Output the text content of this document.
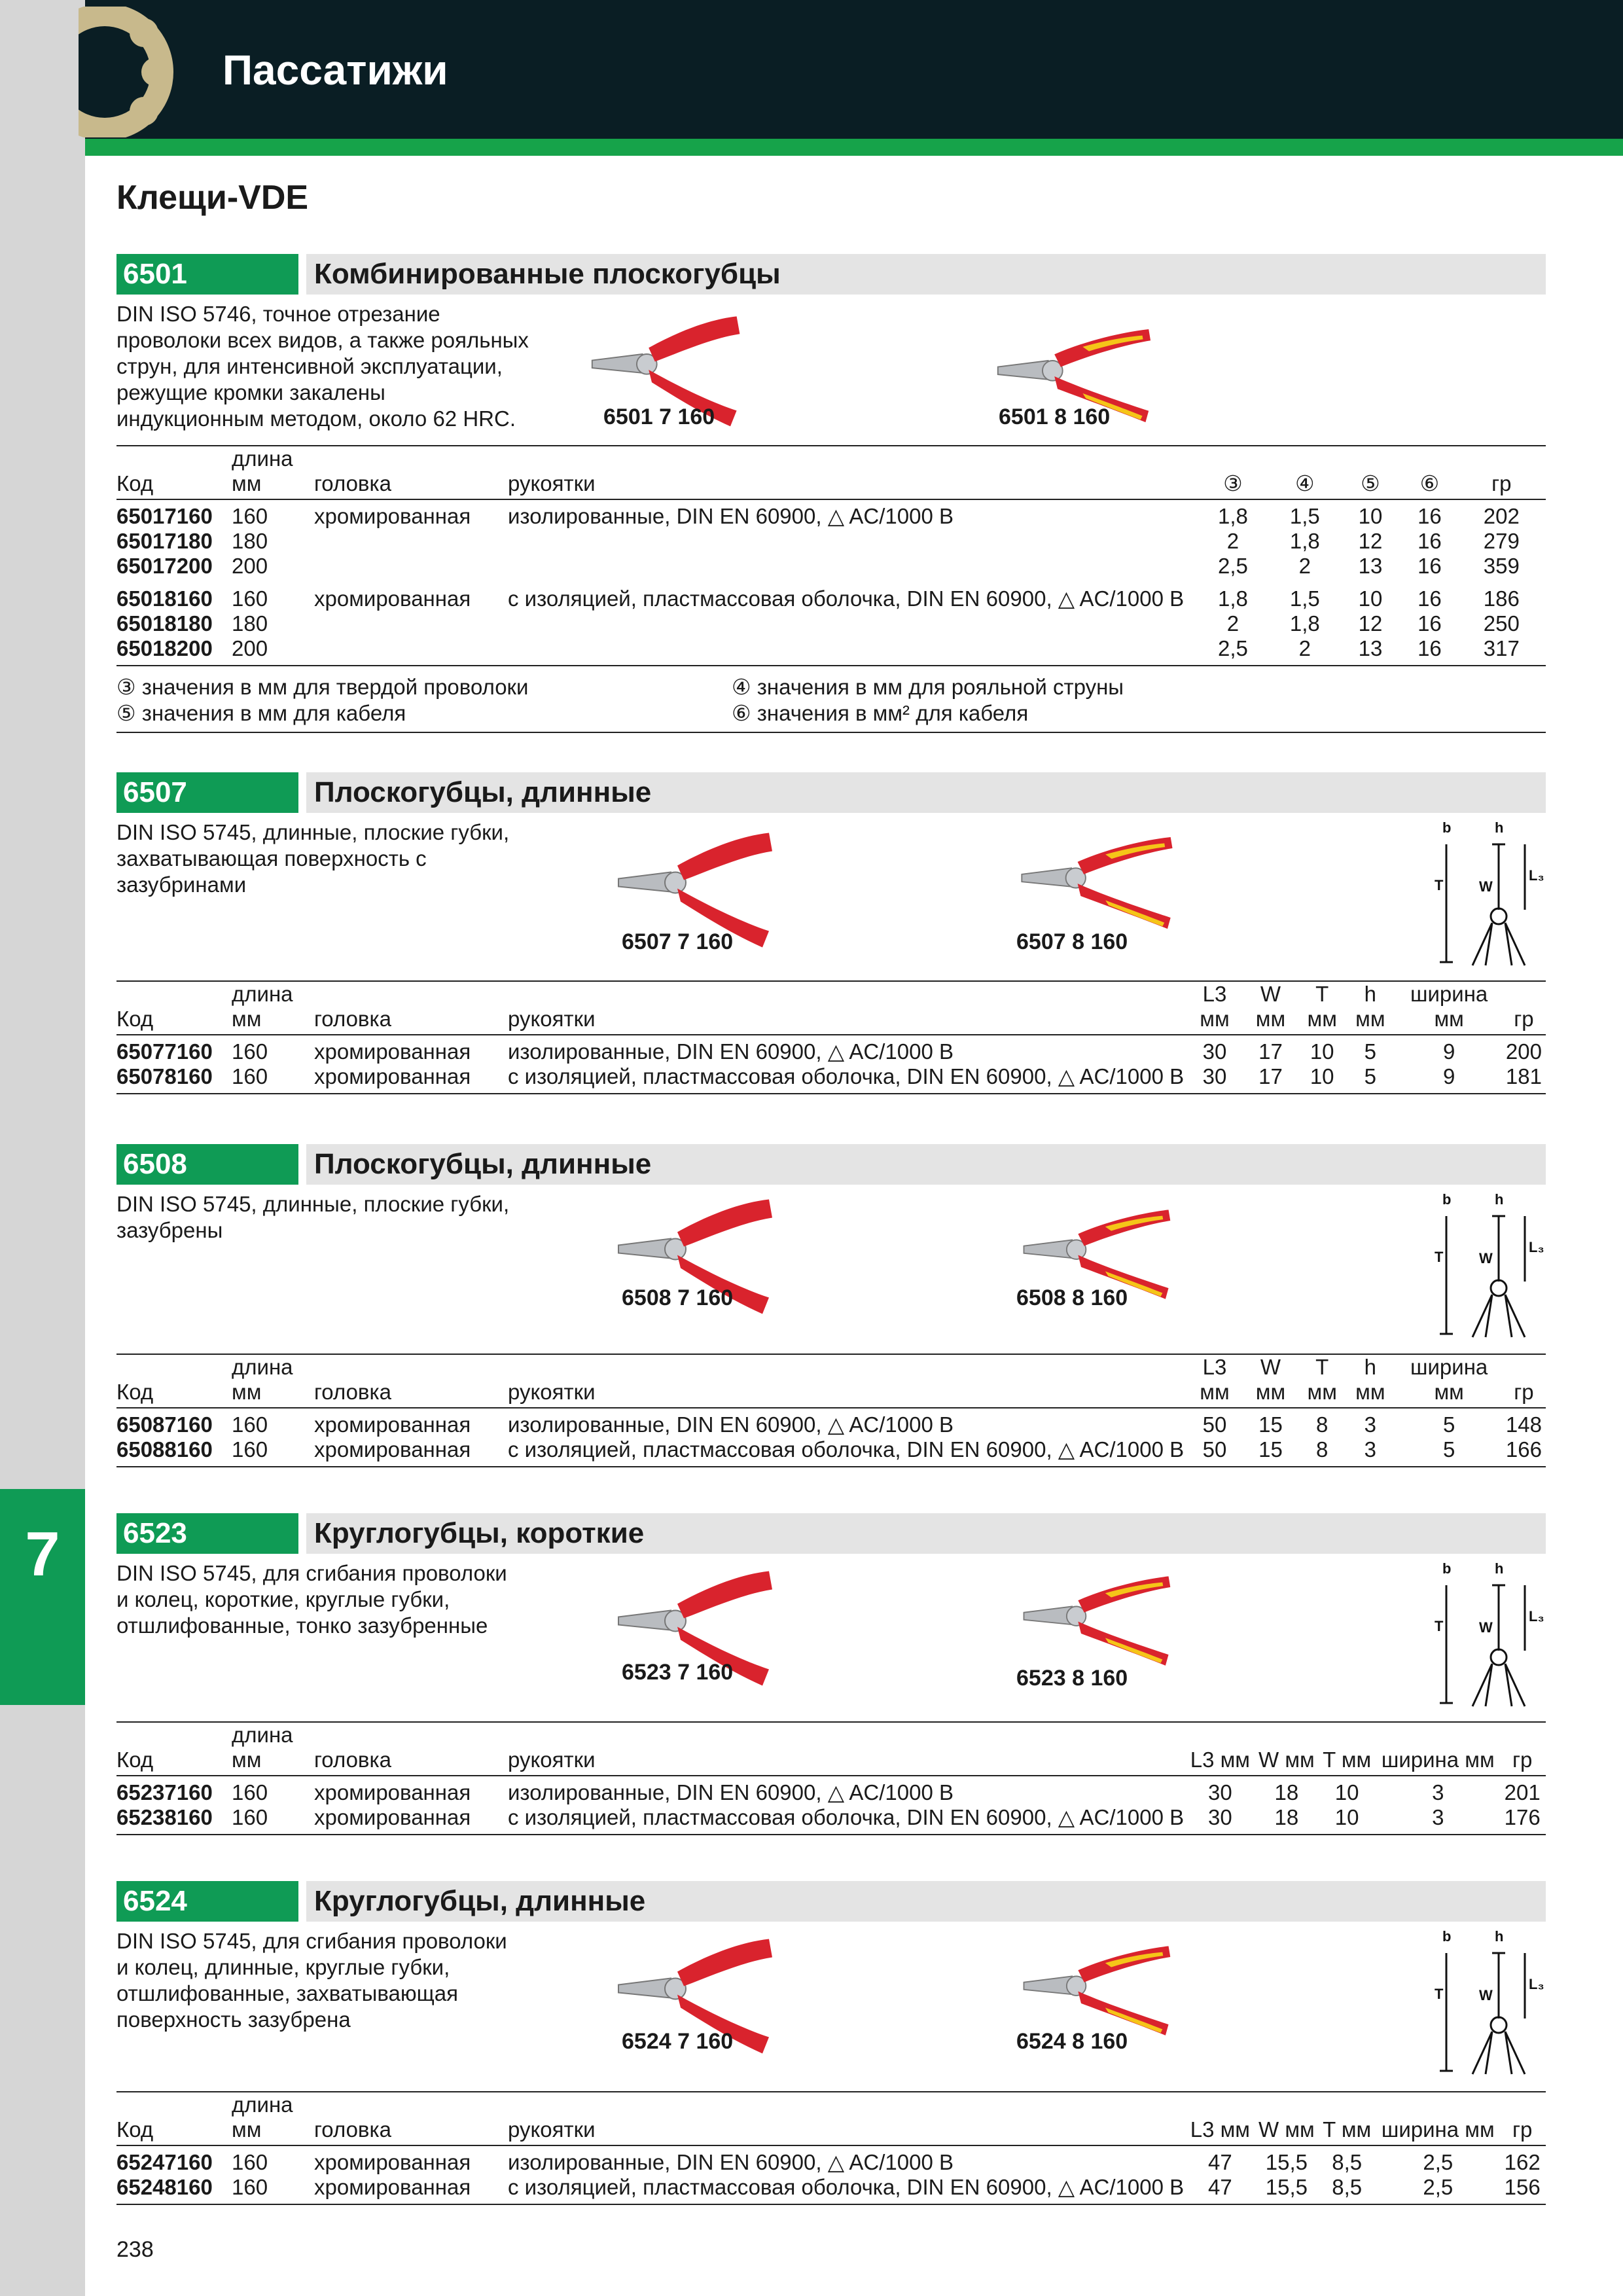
Пассатижи
Клещи-VDE
7
238
6501	Комбинированные плоскогубцы
DIN ISO 5746, точное отрезание
проволоки всех видов, а также рояльных
струн, для интенсивной эксплуатации,
режущие кромки закалены
индукционным методом, около 62 HRC.
6507	Плоскогубцы, длинные
DIN ISO 5745, длинные, плоские губки,
захватывающая поверхность с зазубринами
6508	Плоскогубцы, длинные
DIN ISO 5745, длинные, плоские губки,
зазубрены
6523	Круглогубцы, короткие
DIN ISO 5745, для сгибания проволоки
и колец, короткие, круглые губки,
отшлифованные, тонко зазубренные
6524	Круглогубцы, длинные
DIN ISO 5745, для сгибания проволоки
и колец, длинные, круглые губки,
отшлифованные, захватывающая
поверхность зазубрена
6501 7 160	6501 8 160
Код	длина мм	головка	рукоятки	③	④	⑤	⑥	гр
65017160	160	хромированная	изолированные, DIN EN 60900, △ AC/1000 В	1,8	1,5	10	16	202
65017180	180			2	1,8	12	16	279
65017200	200			2,5	2	13	16	359
65018160	160	хромированная	с изоляцией, пластмассовая оболочка, DIN EN 60900, △ AC/1000 В	1,8	1,5	10	16	186
65018180	180			2	1,8	12	16	250
65018200	200			2,5	2	13	16	317
③ значения в мм для твердой проволоки	④ значения в мм для рояльной струны
⑤ значения в мм для кабеля	⑥ значения в мм² для кабеля
6507 7 160	6507 8 160
b	h
T W
L₃
Код	длина мм	головка	рукоятки	L3 мм	W мм	T мм	h мм	ширина мм	гр
65077160	160	хромированная	изолированные, DIN EN 60900, △ AC/1000 В	30	17	10	5	9	200
65078160	160	хромированная	с изоляцией, пластмассовая оболочка, DIN EN 60900, △ AC/1000 В	30	17	10	5	9	181
6508 7 160	6508 8 160
b	h
T W
L₃
Код	длина мм	головка	рукоятки	L3 мм	W мм	T мм	h мм	ширина мм	гр
65087160	160	хромированная	изолированные, DIN EN 60900, △ AC/1000 В	50	15	8	3	5	148
65088160	160	хромированная	с изоляцией, пластмассовая оболочка, DIN EN 60900, △ AC/1000 В	50	15	8	3	5	166
6523 7 160	6523 8 160
b	h
T W
L₃
Код	длина мм	головка	рукоятки	L3 мм	W мм	T мм	ширина мм	гр
65237160	160	хромированная	изолированные, DIN EN 60900, △ AC/1000 В	30	18	10	3	201
65238160	160	хромированная	с изоляцией, пластмассовая оболочка, DIN EN 60900, △ AC/1000 В	30	18	10	3	176
6524 7 160	6524 8 160
b	h
T W
L₃
Код	длина мм	головка	рукоятки	L3 мм	W мм	T мм	ширина мм	гр
65247160	160	хромированная	изолированные, DIN EN 60900, △ AC/1000 В	47	15,5	8,5	2,5	162
65248160	160	хромированная	с изоляцией, пластмассовая оболочка, DIN EN 60900, △ AC/1000 В	47	15,5	8,5	2,5	156
